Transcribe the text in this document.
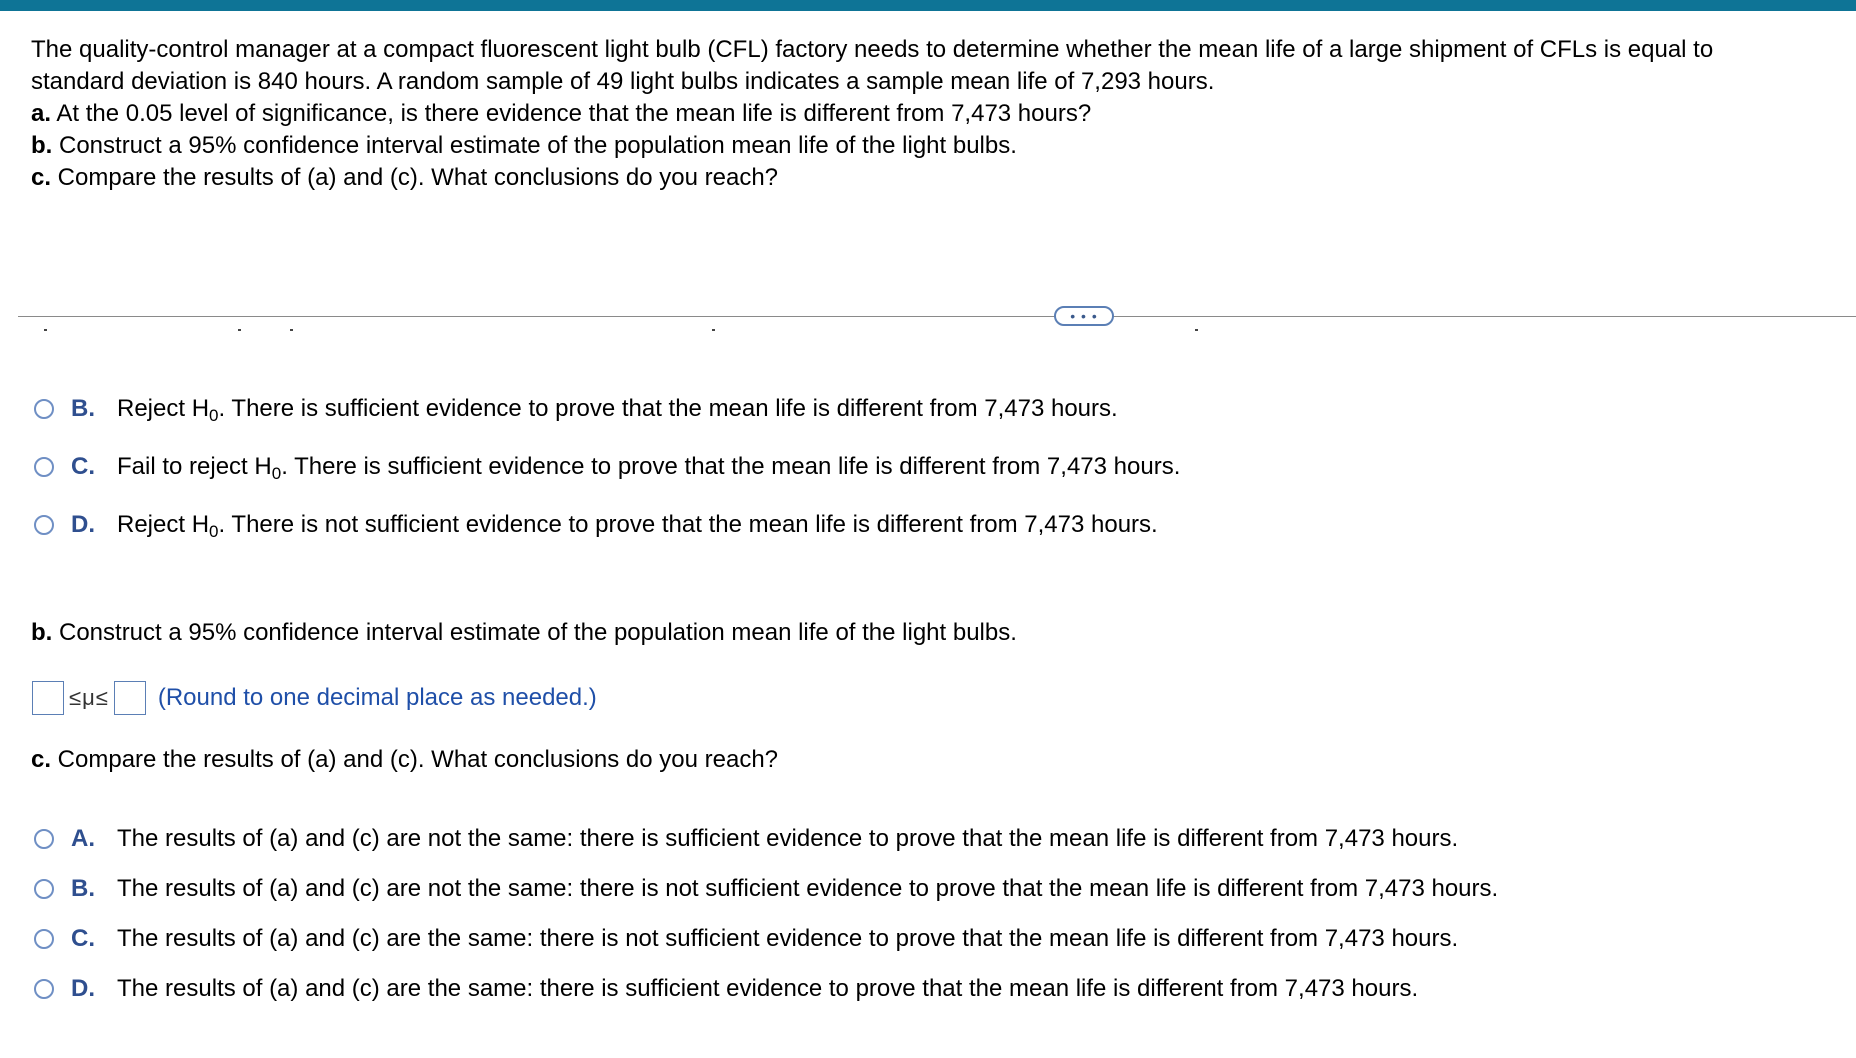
The quality-control manager at a compact fluorescent light bulb (CFL) factory needs to determine whether the mean life of a large shipment of CFLs is equal to
standard deviation is 840 hours. A random sample of 49 light bulbs indicates a sample mean life of 7,293 hours.
a. At the 0.05 level of significance, is there evidence that the mean life is different from 7,473 hours?
b. Construct a 95% confidence interval estimate of the population mean life of the light bulbs.
c. Compare the results of (a) and (c). What conclusions do you reach?
• • •
B. Reject H 0 . There is sufficient evidence to prove that the mean life is different from 7,473 hours.
C. Fail to reject H 0 . There is sufficient evidence to prove that the mean life is different from 7,473 hours.
D. Reject H 0 . There is not sufficient evidence to prove that the mean life is different from 7,473 hours.
b. Construct a 95% confidence interval estimate of the population mean life of the light bulbs.
≤μ≤ (Round to one decimal place as needed.)
c. Compare the results of (a) and (c). What conclusions do you reach?
A. The results of (a) and (c) are not the same: there is sufficient evidence to prove that the mean life is different from 7,473 hours.
B. The results of (a) and (c) are not the same: there is not sufficient evidence to prove that the mean life is different from 7,473 hours.
C. The results of (a) and (c) are the same: there is not sufficient evidence to prove that the mean life is different from 7,473 hours.
D. The results of (a) and (c) are the same: there is sufficient evidence to prove that the mean life is different from 7,473 hours.
